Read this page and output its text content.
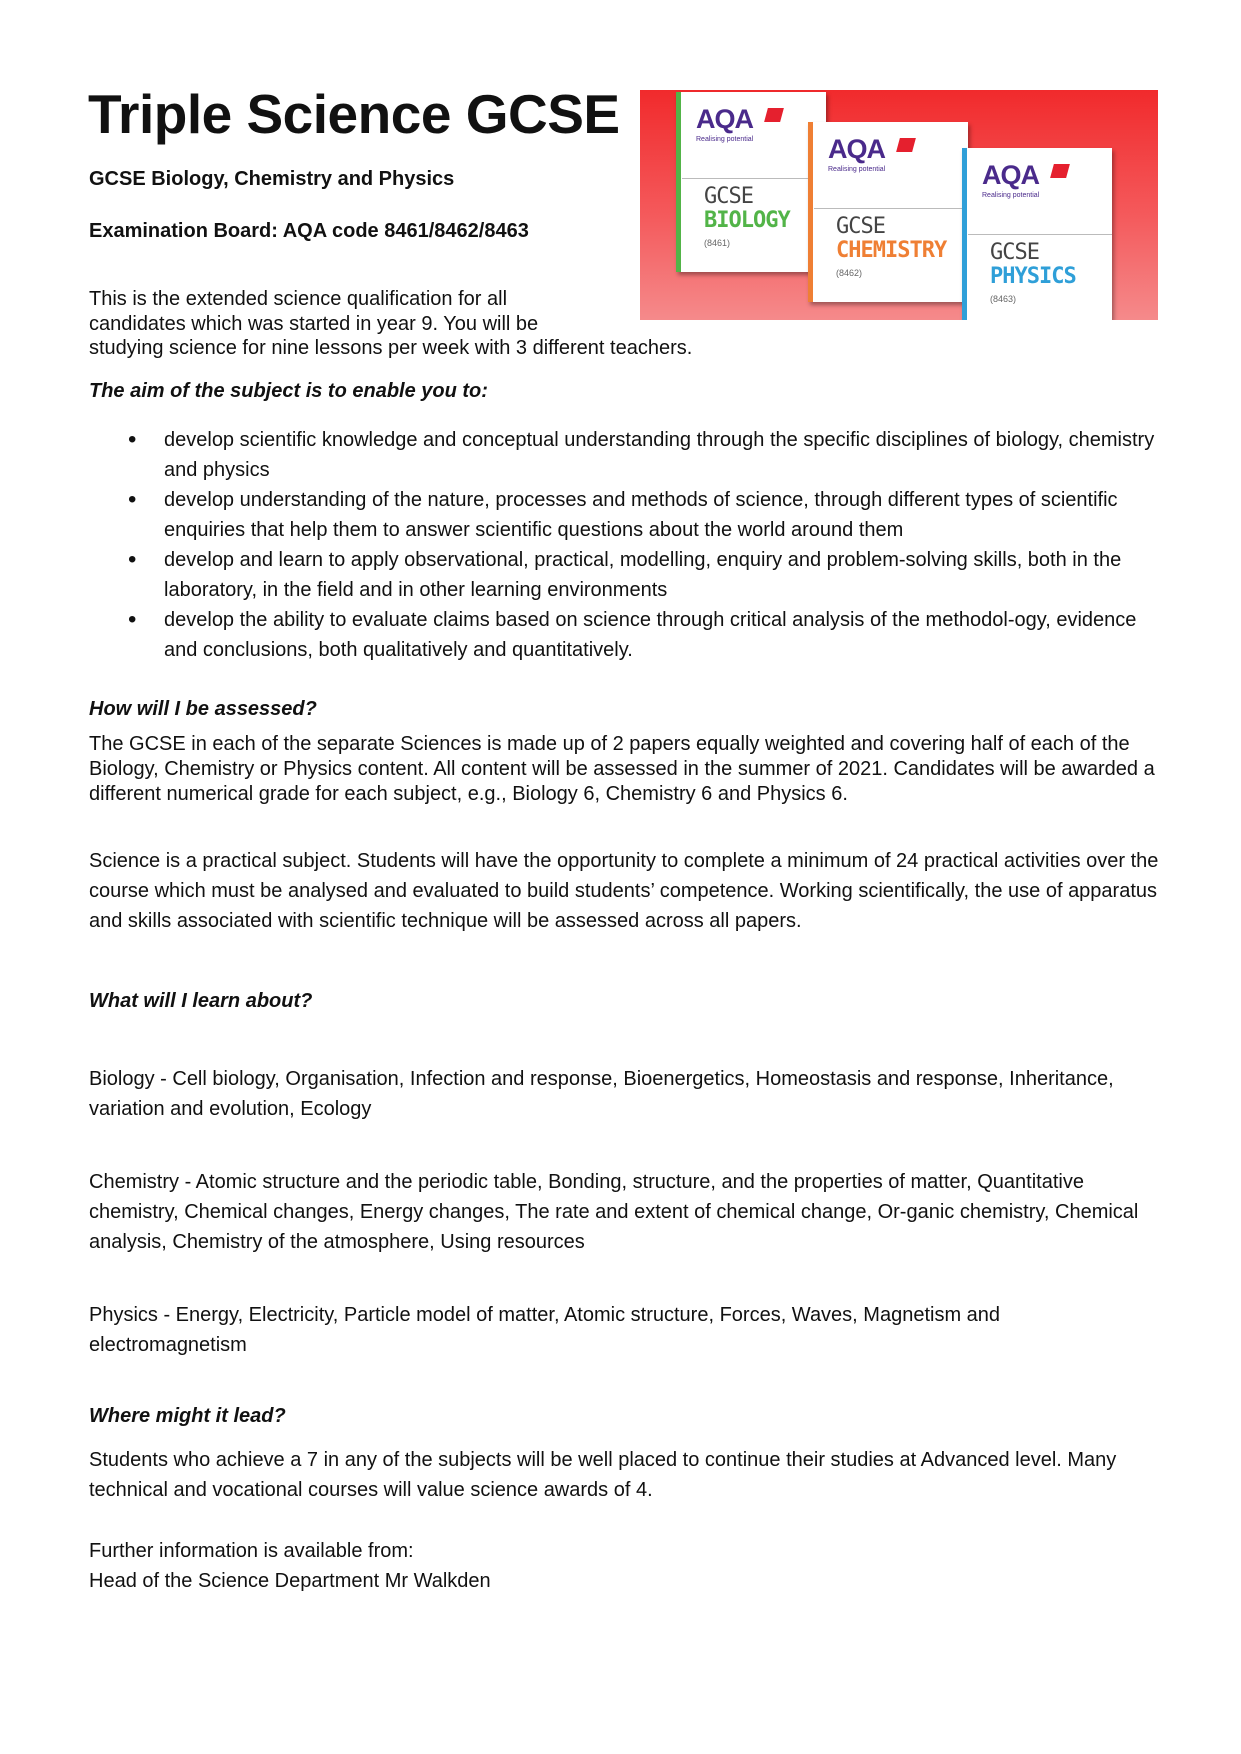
Triple Science GCSE

GCSE Biology, Chemistry and Physics

Examination Board: AQA code 8461/8462/8463

AQA
Realising potential
GCSE
BIOLOGY
(8461)
AQA
Realising potential
GCSE
CHEMISTRY
(8462)
AQA
Realising potential
GCSE
PHYSICS
(8463)

This is the extended science qualification for all
candidates which was started in year 9. You will be
studying science for nine lessons per week with 3 different teachers.

The aim of the subject is to enable you to:

• develop scientific knowledge and conceptual understanding through the specific disciplines of biology, chemistry and physics
• develop understanding of the nature, processes and methods of science, through different types of scientific enquiries that help them to answer scientific questions about the world around them
• develop and learn to apply observational, practical, modelling, enquiry and problem-solving skills, both in the laboratory, in the field and in other learning environments
• develop the ability to evaluate claims based on science through critical analysis of the methodol-ogy, evidence and conclusions, both qualitatively and quantitatively.

How will I be assessed?

The GCSE in each of the separate Sciences is made up of 2 papers equally weighted and covering half of each of the Biology, Chemistry or Physics content. All content will be assessed in the summer of 2021. Candidates will be awarded a different numerical grade for each subject, e.g., Biology 6, Chemistry 6 and Physics 6.

Science is a practical subject. Students will have the opportunity to complete a minimum of 24 practical activities over the course which must be analysed and evaluated to build students’ competence. Working scientifically, the use of apparatus and skills associated with scientific technique will be assessed across all papers.

What will I learn about?

Biology - Cell biology, Organisation, Infection and response, Bioenergetics, Homeostasis and response, Inheritance, variation and evolution, Ecology

Chemistry - Atomic structure and the periodic table, Bonding, structure, and the properties of matter, Quantitative chemistry, Chemical changes, Energy changes, The rate and extent of chemical change, Or-ganic chemistry, Chemical analysis, Chemistry of the atmosphere, Using resources

Physics - Energy, Electricity, Particle model of matter, Atomic structure, Forces, Waves, Magnetism and electromagnetism

Where might it lead?

Students who achieve a 7 in any of the subjects will be well placed to continue their studies at Advanced level. Many technical and vocational courses will value science awards of 4.

Further information is available from:
Head of the Science Department Mr Walkden
